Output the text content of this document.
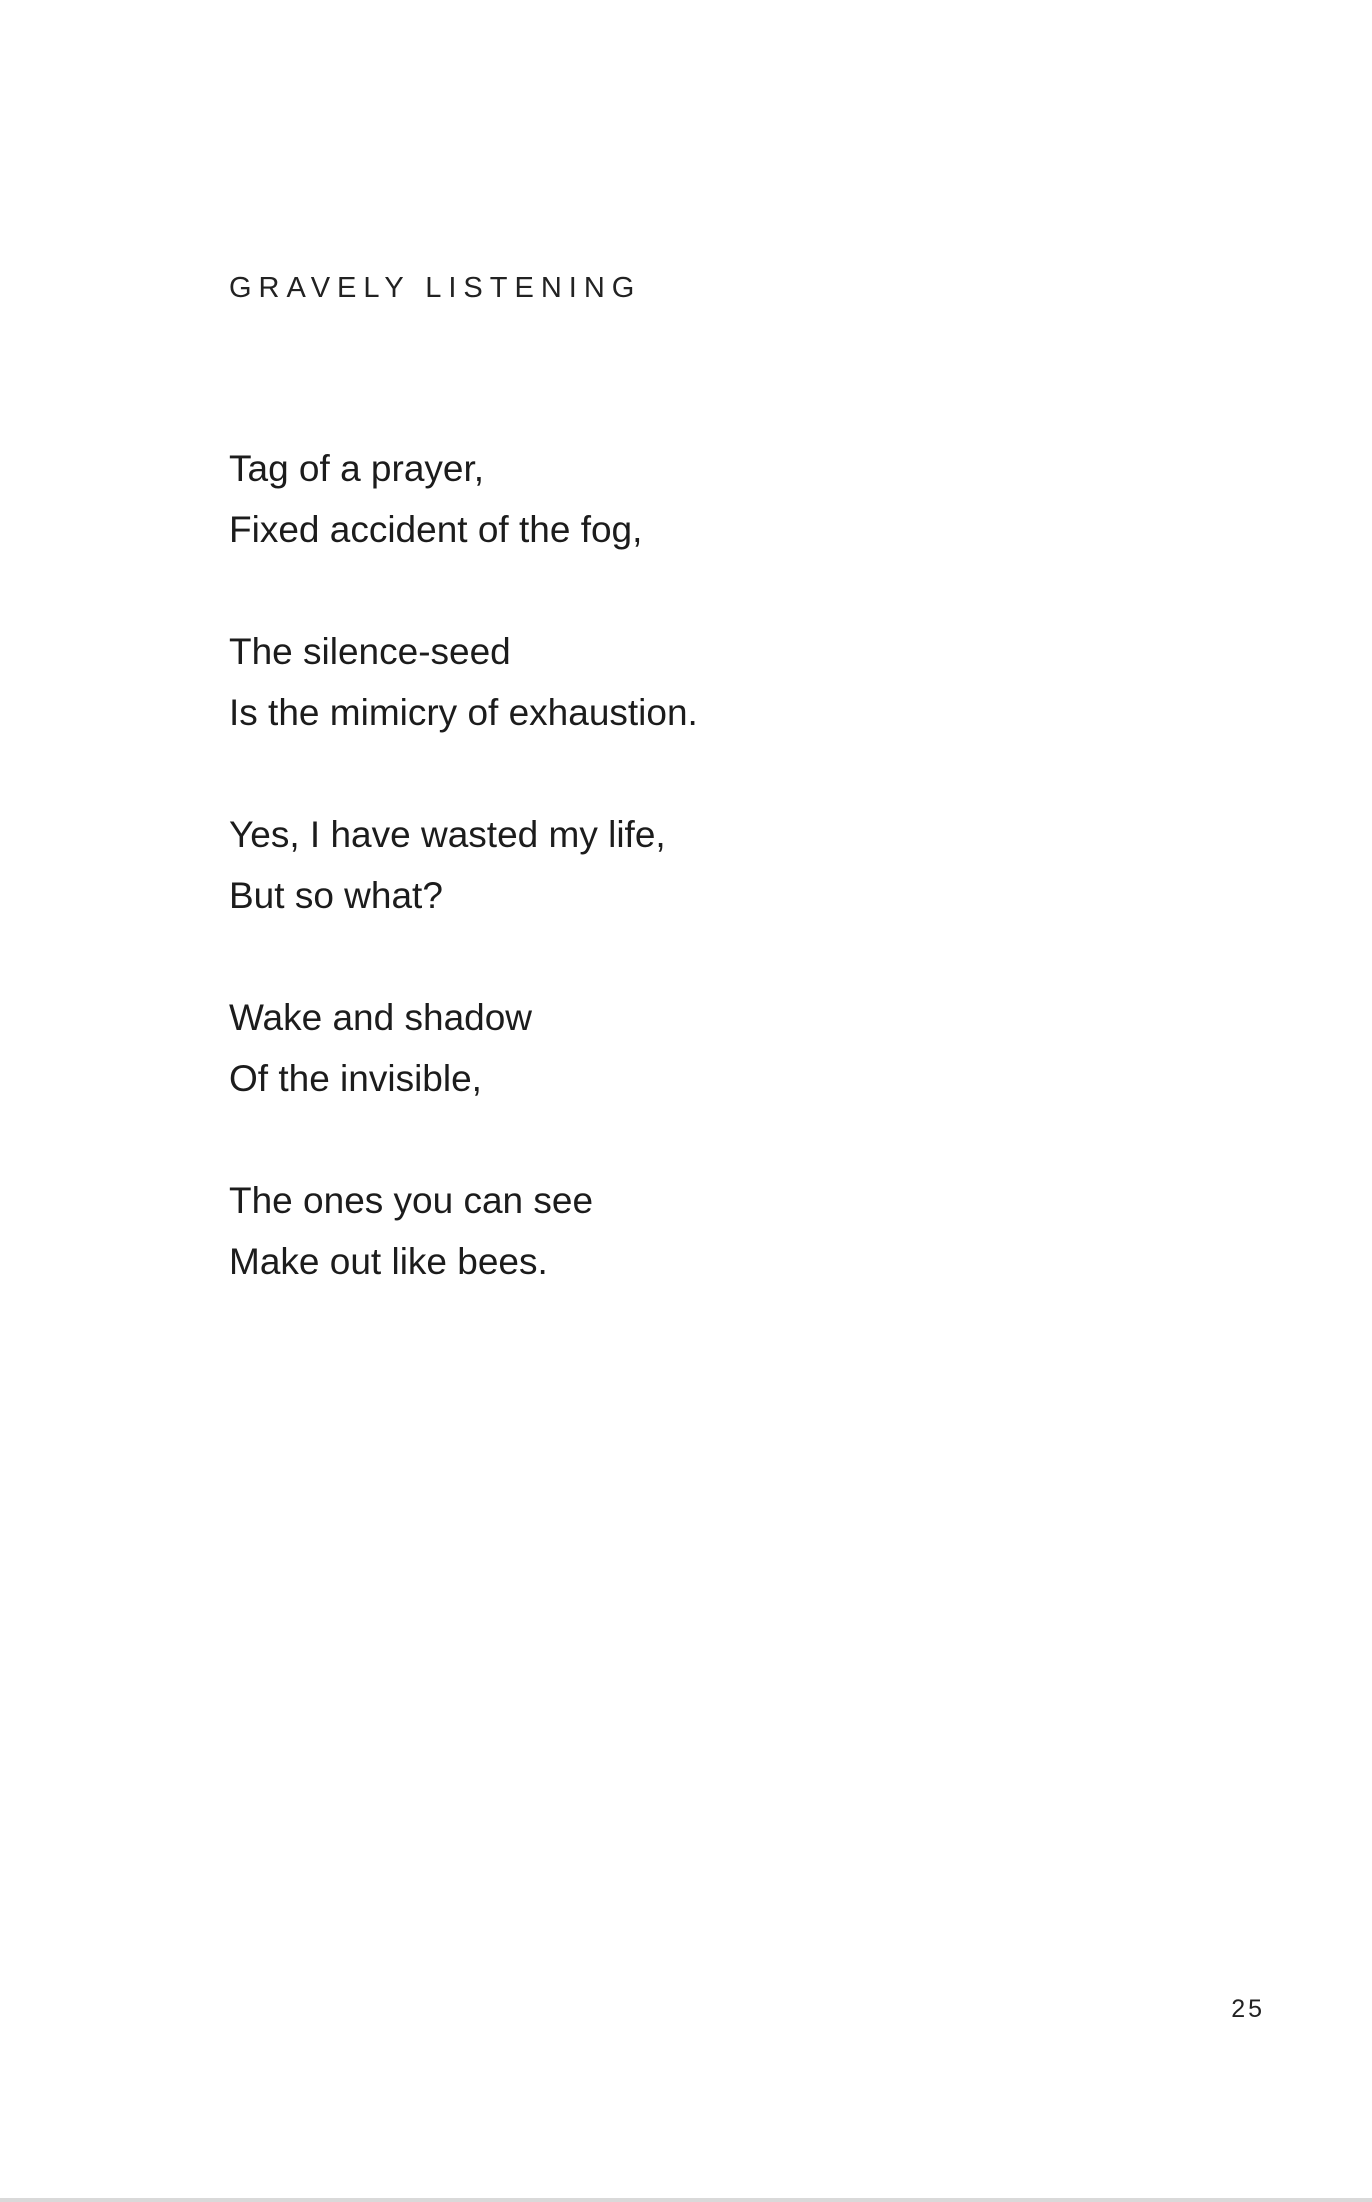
GRAVELY LISTENING
Tag of a prayer,
Fixed accident of the fog,
The silence-seed
Is the mimicry of exhaustion.
Yes, I have wasted my life,
But so what?
Wake and shadow
Of the invisible,
The ones you can see
Make out like bees.
25
